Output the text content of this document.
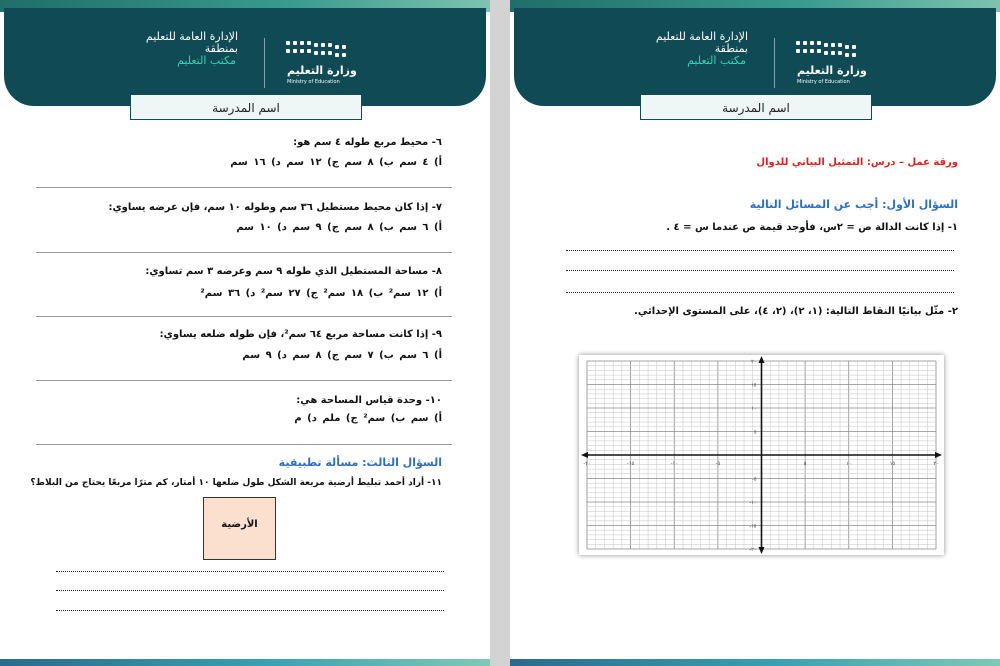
الإدارة العامة للتعليم
بمنطقة
مكتب التعليم
وزارة التعليم
Ministry of Education
اسم المدرسة
٦- محيط مربع طوله ٤ سم هو:
أ) ٤ سم ب) ٨ سم ج) ١٢ سم د) ١٦ سم
٧- إذا كان محيط مستطيل ٣٦ سم وطوله ١٠ سم، فإن عرضه يساوي:
أ) ٦ سم ب) ٨ سم ج) ٩ سم د) ١٠ سم
٨- مساحة المستطيل الذي طوله ٩ سم وعرضه ٣ سم تساوي:
أ) ١٢ سم² ب) ١٨ سم² ج) ٢٧ سم² د) ٣٦ سم²
٩- إذا كانت مساحة مربع ٦٤ سم²، فإن طوله ضلعه يساوي:
أ) ٦ سم ب) ٧ سم ج) ٨ سم د) ٩ سم
١٠- وحدة قياس المساحة هي:
أ) سم ب) سم² ج) ملم د) م
السؤال الثالث: مسألة تطبيقية
١١- أراد أحمد تبليط أرضية مربعة الشكل طول ضلعها ١٠ أمتار، كم مترًا مربعًا يحتاج من البلاط؟
الأرضية
الإدارة العامة للتعليم
بمنطقة
مكتب التعليم
وزارة التعليم
Ministry of Education
اسم المدرسة
ورقة عمل – درس: التمثيل البياني للدوال
السؤال الأول: أجب عن المسائل التالية
١- إذا كانت الدالة ص = ٢س، فأوجد قيمة ص عندما س = ٤ .
٢- مثّل بيانيًا النقاط التالية: (١، ٢)، (٢، ٤)، على المستوى الإحداثي.
-٢٠	-١٥	-١٠	-٥	٥	١٠	١٥	٢٠
٢٠
١٥
١٠
٥
-٥
-١٠
-١٥
-٢٠
